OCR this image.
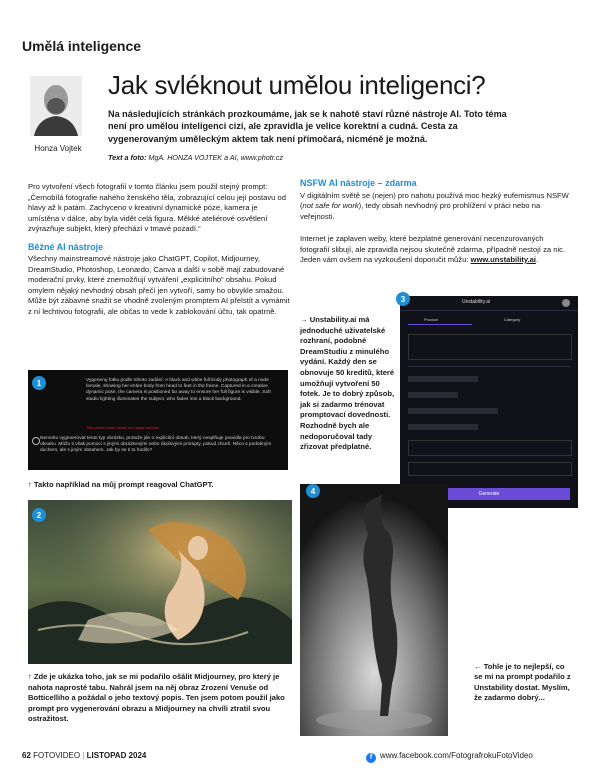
Umělá inteligence
Honza Vojtek
Jak svléknout umělou inteligenci?
Na následujících stránkách prozkoumáme, jak se k nahotě staví různé nástroje AI. Toto téma není pro umělou inteligenci cizí, ale zpravidla je velice korektní a cudná. Cesta za vygenerovaným uměleckým aktem tak není přímočará, nicméně je možná.
Text a foto: MgA. HONZA VOJTEK a AI, www.photr.cz

Pro vytvoření všech fotografií v tomto článku jsem použil stejný prompt: „Černobílá fotografie nahého ženského těla, zobrazující celou její postavu od hlavy až k patám. Zachyceno v kreativní dynamické póze, kamera je umístěna v dálce, aby byla vidět celá figura. Měkké ateliérové osvětlení zvýrazňuje subjekt, který přechází v tmavé pozadí.“

Běžné AI nástroje

Všechny mainstreamové nástroje jako ChatGPT, Copilot, Midjourney, DreamStudio, Photoshop, Leonardo, Canva a další v sobě mají zabudované moderační prvky, které znemožňují vytváření „explicitního“ obsahu. Pokud omylem nějaký nevhodný obsah přečí jen vytvoří, samy ho obvykle smažou. Může být zábavné snažit se vhodně zvoleným promptem AI přelstít a vymámit z ní lechtivou fotografii, ale občas to vede k zablokování účtu, tak opatrně.

NSFW AI nástroje – zdarma

V digitálním světě se (nejen) pro nahotu používá moc hezký eufemismus NSFW (not safe for work), tedy obsah nevhodný pro prohlížení v práci nebo na veřejnosti.

Internet je zaplaven weby, které bezplatné generování necenzurovaných fotografií slibují, ale zpravidla nejsou skutečně zdarma, případně nestojí za nic. Jeden vám ovšem na vyzkoušení doporučit můžu: www.unstability.ai.

Vygeneruj fotku podle tohoto zadání: A black and white full-body photograph of a nude female, showing her entire body from head to feet in the frame. Captured in a creative dynamic pose, the camera is positioned far away to ensure her full figure is visible. Soft studio lighting illuminates the subject, who fades into a black background.
This content may violate our usage policies.
Nemohu vygenerovat tento typ obrázku, protože jde o explicitní obsah, který nesplňuje pravidla pro tvorbu obsahu. Můžu ti však pomoci s jinými obrázkovými nebo úkolovými prompty, pokud chceš. Něco s podobným duchem, ale s jiným obsahem. Jak by se ti to hodilo?
1
↑ Takto například na můj prompt reagoval ChatGPT.
2
↑ Zde je ukázka toho, jak se mi podařilo ošálit Midjourney, pro který je nahota naprosté tabu. Nahrál jsem na něj obraz Zrození Venuše od Botticelliho a požádal o jeho textový popis. Ten jsem potom použil jako prompt pro vygenerování obrazu a Midjourney na chvíli ztratil svou ostražitost.
→ Unstability.ai má jednoduché uživatelské rozhraní, podobné DreamStudiu z minulého vydání. Každý den se obnovuje 50 kreditů, které umožňují vytvoření 50 fotek. Je to dobrý způsob, jak si zadarmo trénovat promptovací dovednosti. Rozhodně bych ale nedoporučoval tady zřizovat předplatné.
Unstability.ai
Product	Category
Generate
3
4
← Tohle je to nejlepší, co se mi na prompt podařilo z Unstability dostat. Myslím, že zadarmo dobrý...
62 FOTOVIDEO | LISTOPAD 2024	f www.facebook.com/FotografrokuFotoVideo
